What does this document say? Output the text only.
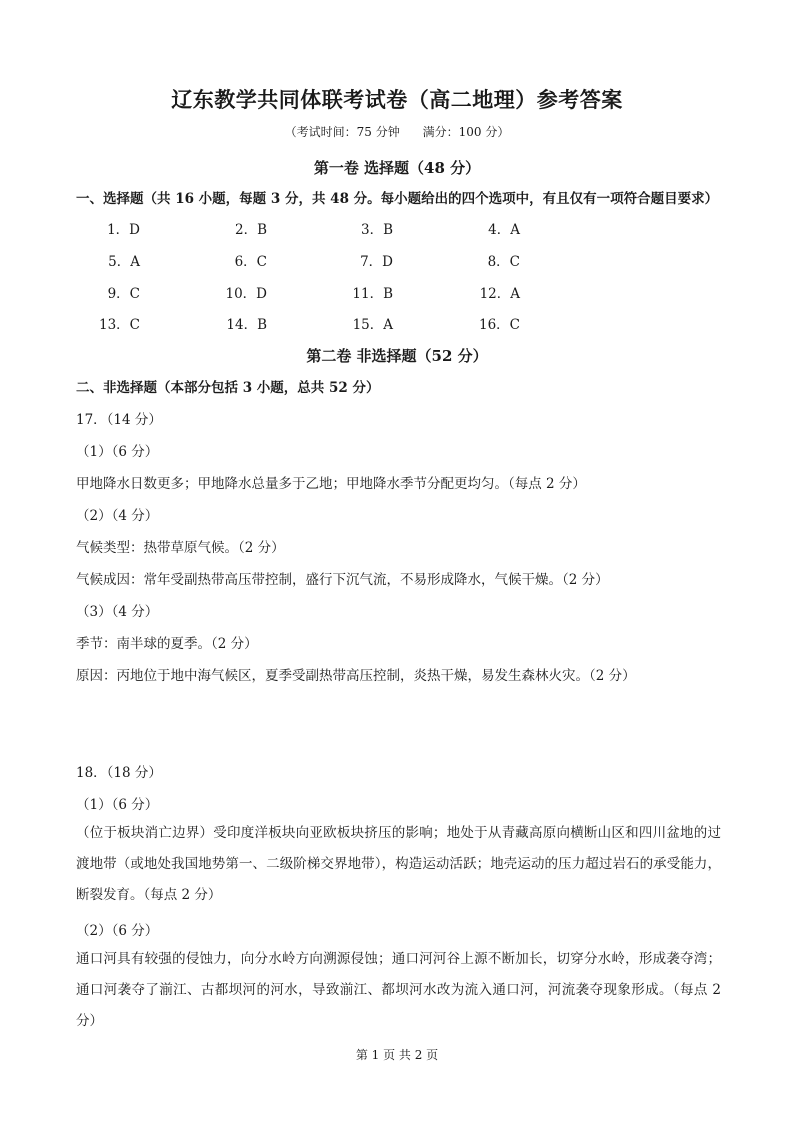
辽东教学共同体联考试卷（高二地理）参考答案
（考试时间：75 分钟      满分：100 分）
第一卷 选择题（48 分）
一、选择题（共 16 小题，每题 3 分，共 48 分。每小题给出的四个选项中，有且仅有一项符合题目要求）
1．D	2．B	3．B	4．A
5．A	6．C	7．D	8．C
9．C	10．D	11．B	12．A
13．C	14．B	15．A	16．C
第二卷 非选择题（52 分）
二、非选择题（本部分包括 3 小题，总共 52 分）
17．（14 分）
（1）（6 分）
甲地降水日数更多；甲地降水总量多于乙地；甲地降水季节分配更均匀。（每点 2 分）
（2）（4 分）
气候类型：热带草原气候。（2 分）
气候成因：常年受副热带高压带控制，盛行下沉气流，不易形成降水，气候干燥。（2 分）
（3）（4 分）
季节：南半球的夏季。（2 分）
原因：丙地位于地中海气候区，夏季受副热带高压控制，炎热干燥，易发生森林火灾。（2 分）
18．（18 分）
（1）（6 分）
（位于板块消亡边界）受印度洋板块向亚欧板块挤压的影响；地处于从青藏高原向横断山区和四川盆地的过渡地带（或地处我国地势第一、二级阶梯交界地带），构造运动活跃；地壳运动的压力超过岩石的承受能力，断裂发育。（每点 2 分）
（2）（6 分）
通口河具有较强的侵蚀力，向分水岭方向溯源侵蚀；通口河河谷上源不断加长，切穿分水岭，形成袭夺湾；通口河袭夺了湔江、古都坝河的河水，导致湔江、都坝河水改为流入通口河，河流袭夺现象形成。（每点 2 分）
第 1 页 共 2 页
